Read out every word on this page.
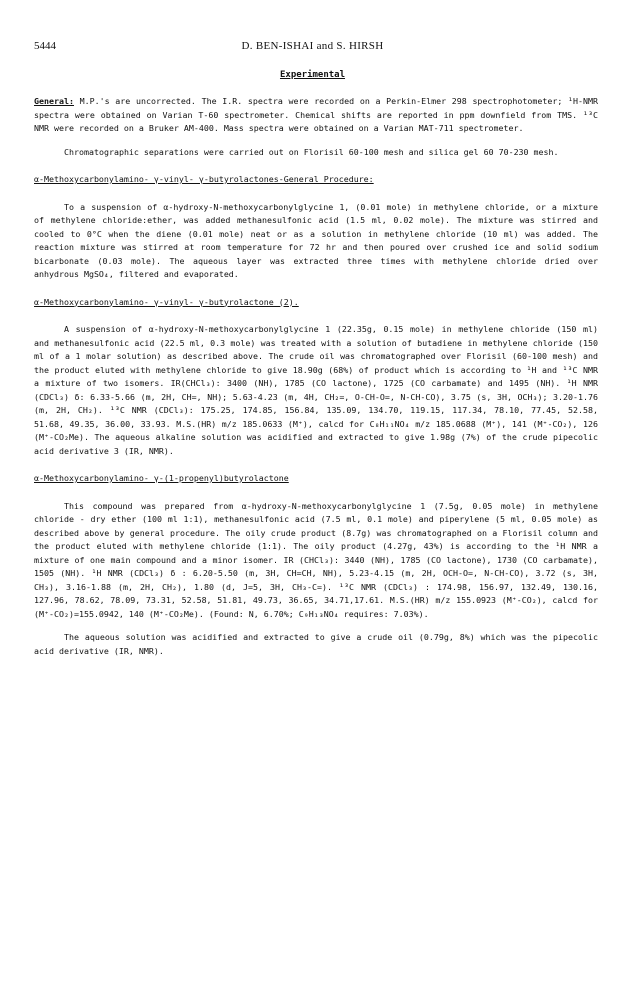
5444	D. BEN-ISHAI and S. HIRSH
Experimental

General: M.P.'s are uncorrected. The I.R. spectra were recorded on a Perkin-Elmer 298 spectrophotometer; ¹H-NMR spectra were obtained on Varian T-60 spectrometer. Chemical shifts are reported in ppm downfield from TMS. ¹³C NMR were recorded on a Bruker AM-400. Mass spectra were obtained on a Varian MAT-711 spectrometer.

Chromatographic separations were carried out on Florisil 60-100 mesh and silica gel 60 70-230 mesh.

α-Methoxycarbonylamino- γ-vinyl- γ-butyrolactones-General Procedure:

To a suspension of α-hydroxy-N-methoxycarbonylglycine 1, (0.01 mole) in methylene chloride, or a mixture of methylene chloride:ether, was added methanesulfonic acid (1.5 ml, 0.02 mole). The mixture was stirred and cooled to 0°C when the diene (0.01 mole) neat or as a solution in methylene chloride (10 ml) was added. The reaction mixture was stirred at room temperature for 72 hr and then poured over crushed ice and solid sodium bicarbonate (0.03 mole). The aqueous layer was extracted three times with methylene chloride dried over anhydrous MgSO₄, filtered and evaporated.

α-Methoxycarbonylamino- γ-vinyl- γ-butyrolactone (2).

A suspension of α-hydroxy-N-methoxycarbonylglycine 1 (22.35g, 0.15 mole) in methylene chloride (150 ml) and methanesulfonic acid (22.5 ml, 0.3 mole) was treated with a solution of butadiene in methylene chloride (150 ml of a 1 molar solution) as described above. The crude oil was chromatographed over Florisil (60-100 mesh) and the product eluted with methylene chloride to give 18.90g (68%) of product which is according to ¹H and ¹³C NMR a mixture of two isomers. IR(CHCl₃): 3400 (NH), 1785 (CO lactone), 1725 (CO carbamate) and 1495 (NH). ¹H NMR (CDCl₃) δ: 6.33-5.66 (m, 2H, CH=, NH); 5.63-4.23 (m, 4H, CH₂=, O-CH-O=, N-CH-CO), 3.75 (s, 3H, OCH₃); 3.20-1.76 (m, 2H, CH₂). ¹³C NMR (CDCl₃): 175.25, 174.85, 156.84, 135.09, 134.70, 119.15, 117.34, 78.10, 77.45, 52.58, 51.68, 49.35, 36.00, 33.93. M.S.(HR) m/z 185.0633 (M⁺), calcd for C₈H₁₁NO₄ m/z 185.0688 (M⁺), 141 (M⁺-CO₂), 126 (M⁺-CO₂Me). The aqueous alkaline solution was acidified and extracted to give 1.98g (7%) of the crude pipecolic acid derivative 3 (IR, NMR).

α-Methoxycarbonylamino- γ-(1-propenyl)butyrolactone

This compound was prepared from α-hydroxy-N-methoxycarbonylglycine 1 (7.5g, 0.05 mole) in methylene chloride - dry ether (100 ml 1:1), methanesulfonic acid (7.5 ml, 0.1 mole) and piperylene (5 ml, 0.05 mole) as described above by general procedure. The oily crude product (8.7g) was chromatographed on a Florisil column and the product eluted with methylene chloride (1:1). The oily product (4.27g, 43%) is according to the ¹H NMR a mixture of one main compound and a minor isomer. IR (CHCl₃): 3440 (NH), 1785 (CO lactone), 1730 (CO carbamate), 1505 (NH). ¹H NMR (CDCl₃) δ : 6.20-5.50 (m, 3H, CH=CH, NH), 5.23-4.15 (m, 2H, OCH-O=, N-CH-CO), 3.72 (s, 3H, CH₃), 3.16-1.88 (m, 2H, CH₂), 1.80 (d, J=5, 3H, CH₃-C=). ¹³C NMR (CDCl₃) : 174.98, 156.97, 132.49, 130.16, 127.96, 78.62, 78.09, 73.31, 52.58, 51.81, 49.73, 36.65, 34.71,17.61. M.S.(HR) m/z 155.0923 (M⁺-CO₂), calcd for (M⁺-CO₂)=155.0942, 140 (M⁺-CO₂Me). (Found: N, 6.70%; C₉H₁₃NO₄ requires: 7.03%).

The aqueous solution was acidified and extracted to give a crude oil (0.79g, 8%) which was the pipecolic acid derivative (IR, NMR).
